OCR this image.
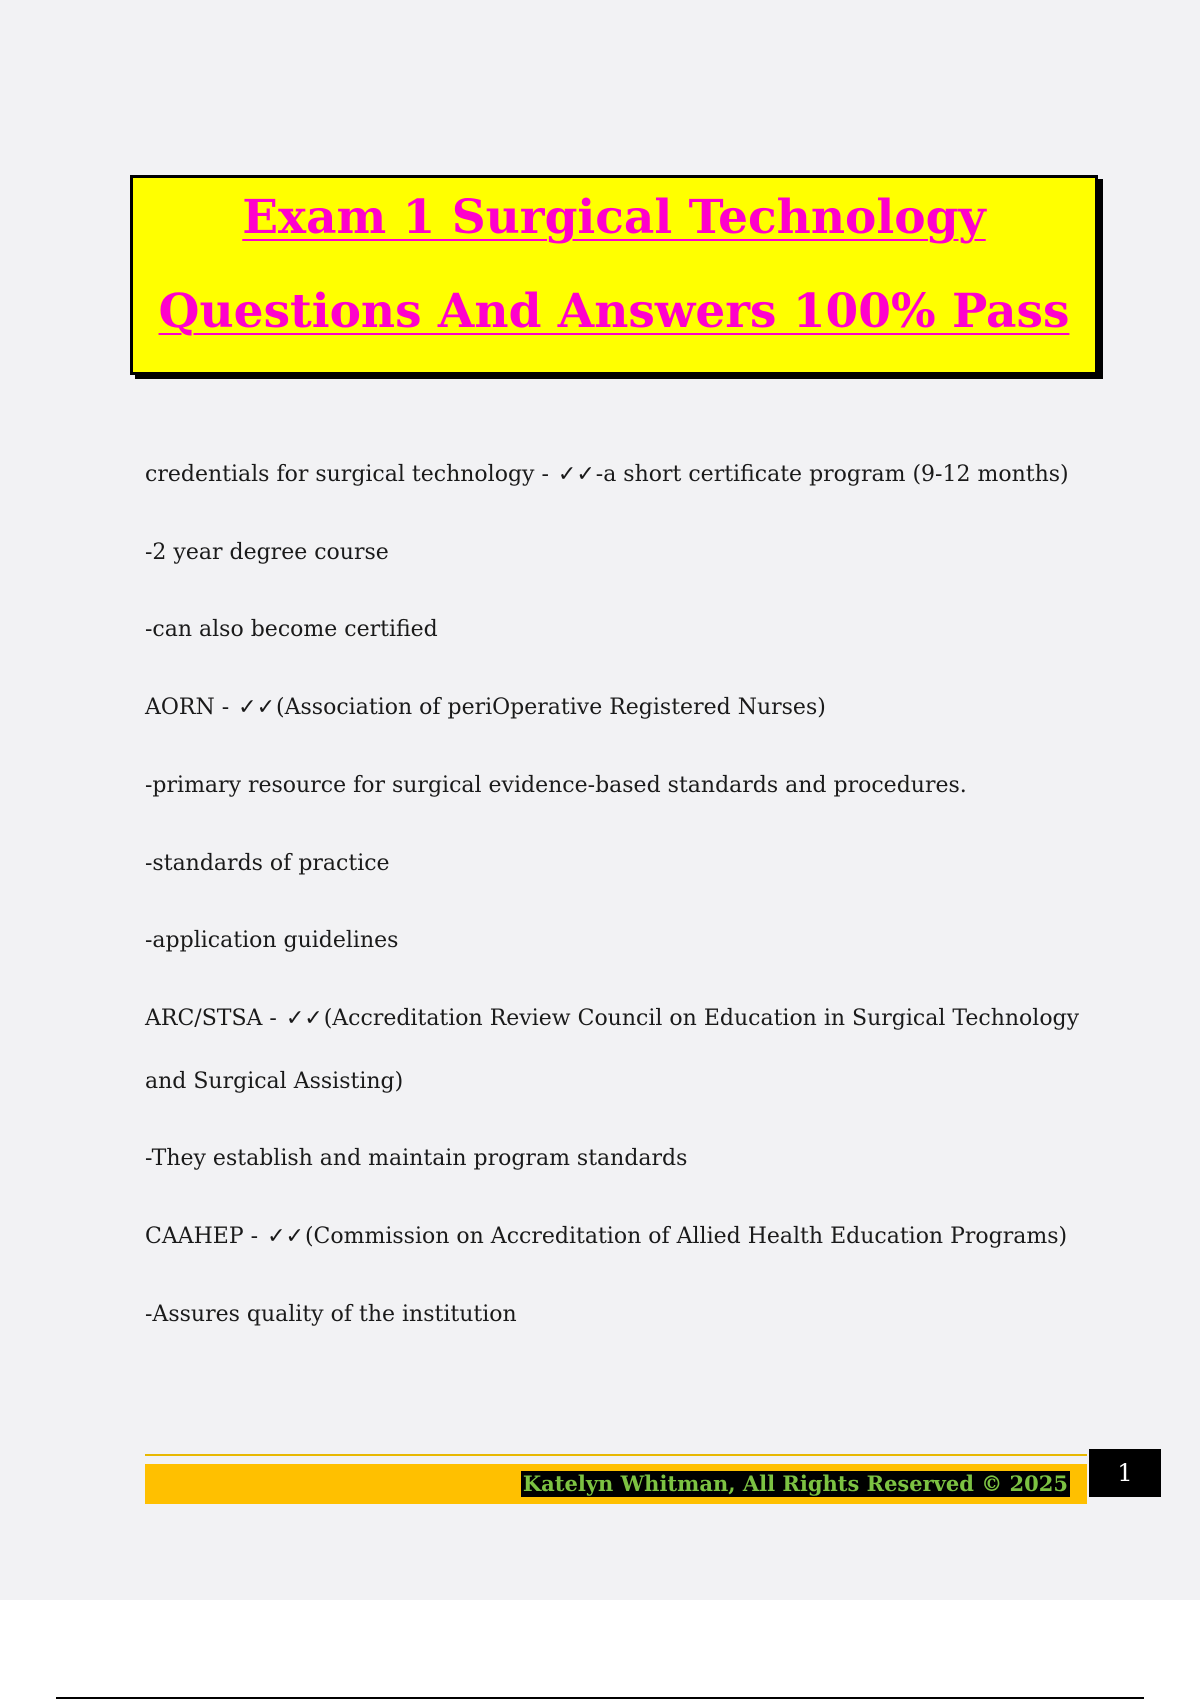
Exam 1 Surgical Technology
Questions And Answers 100% Pass
credentials for surgical technology - ✓✓-a short certificate program (9-12 months)
-2 year degree course
-can also become certified
AORN - ✓✓(Association of periOperative Registered Nurses)
-primary resource for surgical evidence-based standards and procedures.
-standards of practice
-application guidelines
ARC/STSA - ✓✓(Accreditation Review Council on Education in Surgical Technology
and Surgical Assisting)
-They establish and maintain program standards
CAAHEP - ✓✓(Commission on Accreditation of Allied Health Education Programs)
-Assures quality of the institution
Katelyn Whitman, All Rights Reserved © 2025	1
